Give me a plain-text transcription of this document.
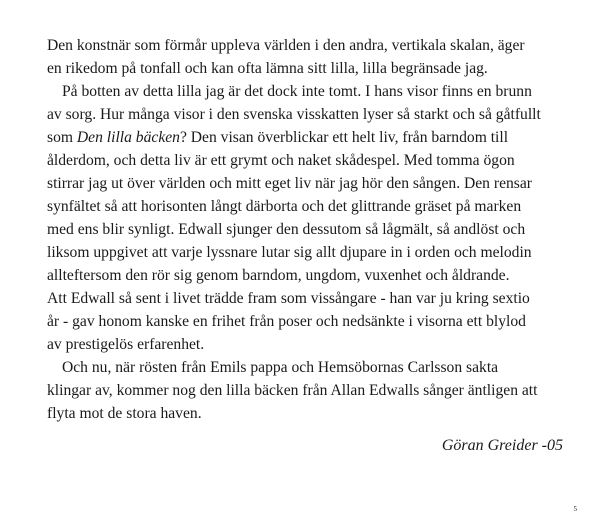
Den konstnär som förmår uppleva världen i den andra, vertikala skalan, äger
en rikedom på tonfall och kan ofta lämna sitt lilla, lilla begränsade jag.
På botten av detta lilla jag är det dock inte tomt. I hans visor finns en brunn
av sorg. Hur många visor i den svenska visskatten lyser så starkt och så gåtfullt
som Den lilla bäcken? Den visan överblickar ett helt liv, från barndom till
ålderdom, och detta liv är ett grymt och naket skådespel. Med tomma ögon
stirrar jag ut över världen och mitt eget liv när jag hör den sången. Den rensar
synfältet så att horisonten långt därborta och det glittrande gräset på marken
med ens blir synligt. Edwall sjunger den dessutom så lågmält, så andlöst och
liksom uppgivet att varje lyssnare lutar sig allt djupare in i orden och melodin
allteftersom den rör sig genom barndom, ungdom, vuxenhet och åldrande.
Att Edwall så sent i livet trädde fram som vissångare - han var ju kring sextio
år - gav honom kanske en frihet från poser och nedsänkte i visorna ett blylod
av prestigelös erfarenhet.
Och nu, när rösten från Emils pappa och Hemsöbornas Carlsson sakta
klingar av, kommer nog den lilla bäcken från Allan Edwalls sånger äntligen att
flyta mot de stora haven.
Göran Greider -05
5
